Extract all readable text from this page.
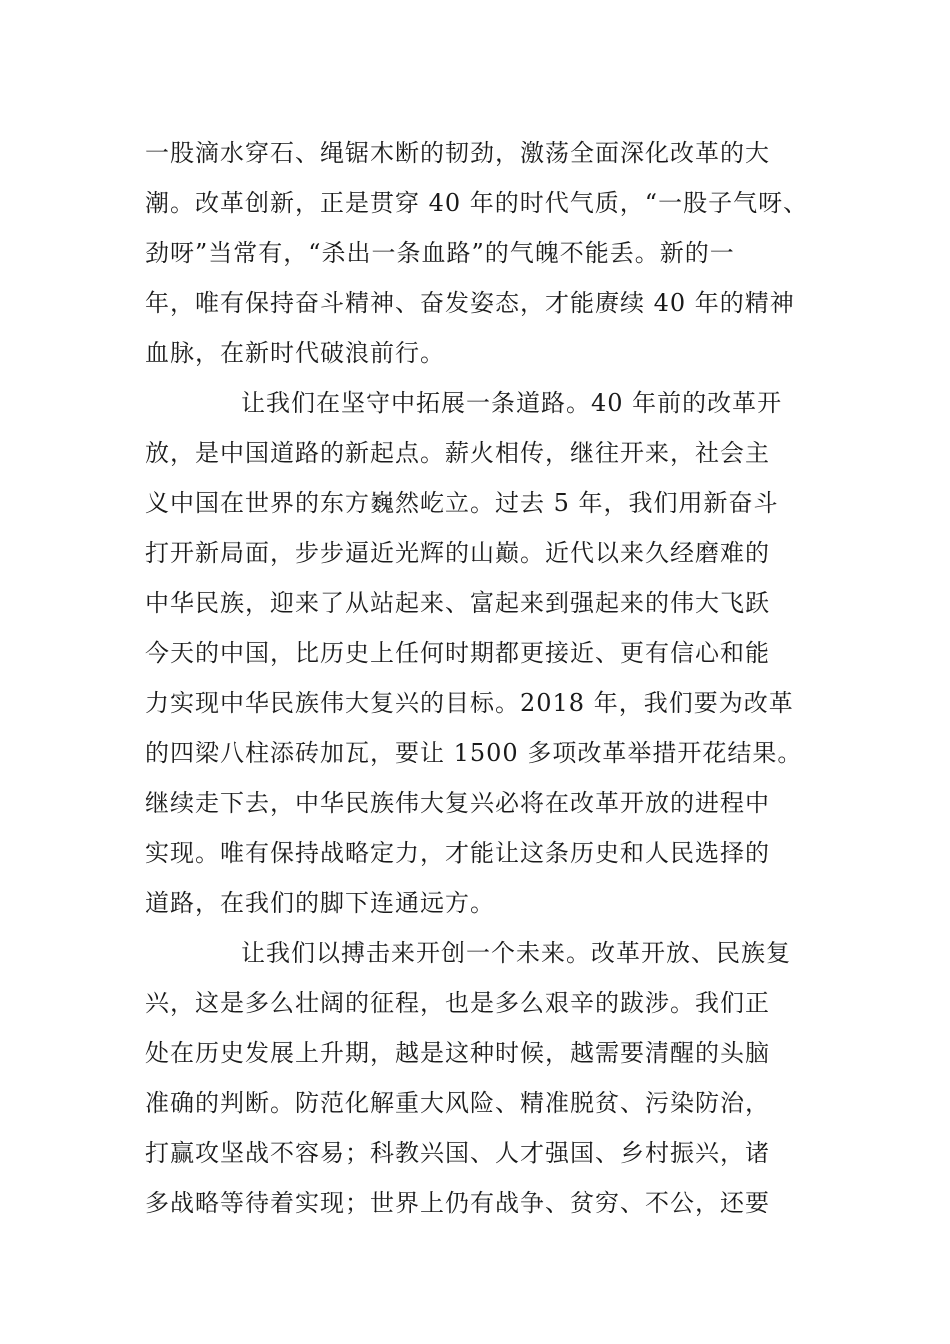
一股滴水穿石、绳锯木断的韧劲，激荡全面深化改革的大

潮。改革创新，正是贯穿 40 年的时代气质，“一股子气呀、

劲呀”当常有，“杀出一条血路”的气魄不能丢。新的一

年，唯有保持奋斗精神、奋发姿态，才能赓续 40 年的精神

血脉，在新时代破浪前行。

让我们在坚守中拓展一条道路。40 年前的改革开

放，是中国道路的新起点。薪火相传，继往开来，社会主

义中国在世界的东方巍然屹立。过去 5 年，我们用新奋斗

打开新局面，步步逼近光辉的山巅。近代以来久经磨难的

中华民族，迎来了从站起来、富起来到强起来的伟大飞跃

今天的中国，比历史上任何时期都更接近、更有信心和能

力实现中华民族伟大复兴的目标。2018 年，我们要为改革

的四梁八柱添砖加瓦，要让 1500 多项改革举措开花结果。

继续走下去，中华民族伟大复兴必将在改革开放的进程中

实现。唯有保持战略定力，才能让这条历史和人民选择的

道路，在我们的脚下连通远方。

让我们以搏击来开创一个未来。改革开放、民族复

兴，这是多么壮阔的征程，也是多么艰辛的跋涉。我们正

处在历史发展上升期，越是这种时候，越需要清醒的头脑

准确的判断。防范化解重大风险、精准脱贫、污染防治，

打赢攻坚战不容易；科教兴国、人才强国、乡村振兴，诸

多战略等待着实现；世界上仍有战争、贫穷、不公，还要
